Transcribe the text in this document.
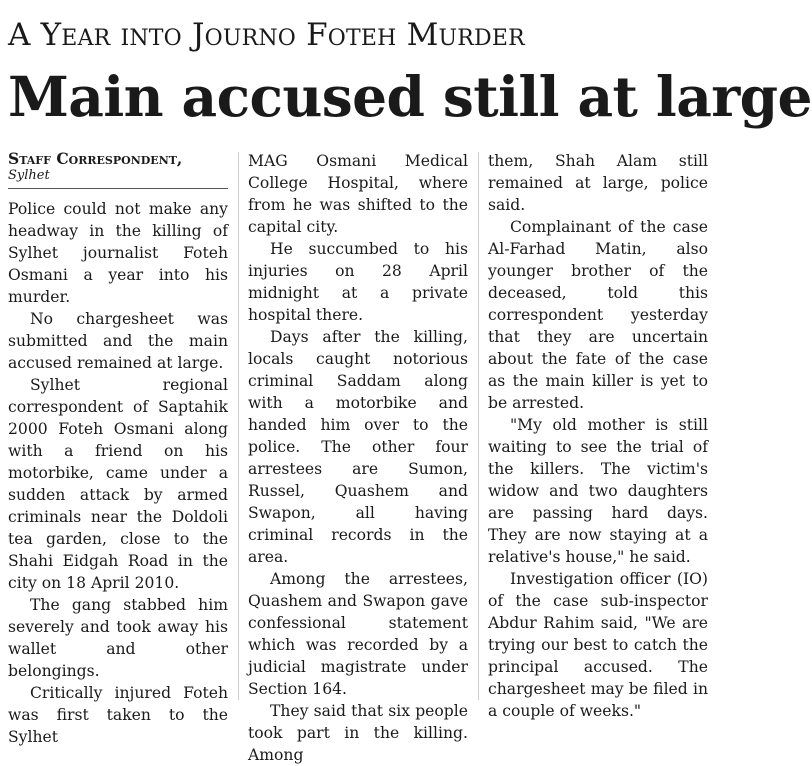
A Year into Journo Foteh Murder
Main accused still at large
Staff Correspondent,
Sylhet

Police could not make any headway in the killing of Sylhet journalist Foteh Osmani a year into his murder.

No chargesheet was submitted and the main accused remained at large.

Sylhet regional correspondent of Saptahik 2000 Foteh Osmani along with a friend on his motorbike, came under a sudden attack by armed criminals near the Doldoli tea garden, close to the Shahi Eidgah Road in the city on 18 April 2010.

The gang stabbed him severely and took away his wallet and other belongings.

Critically injured Foteh was first taken to the Sylhet

MAG Osmani Medical College Hospital, where from he was shifted to the capital city.

He succumbed to his injuries on 28 April midnight at a private hospital there.

Days after the killing, locals caught notorious criminal Saddam along with a motorbike and handed him over to the police. The other four arrestees are Sumon, Russel, Quashem and Swapon, all having criminal records in the area.

Among the arrestees, Quashem and Swapon gave confessional statement which was recorded by a judicial magistrate under Section 164.

They said that six people took part in the killing. Among

them, Shah Alam still remained at large, police said.

Complainant of the case Al-Farhad Matin, also younger brother of the deceased, told this correspondent yesterday that they are uncertain about the fate of the case as the main killer is yet to be arrested.

"My old mother is still waiting to see the trial of the killers. The victim's widow and two daughters are passing hard days. They are now staying at a relative's house," he said.

Investigation officer (IO) of the case sub-inspector Abdur Rahim said, "We are trying our best to catch the principal accused. The chargesheet may be filed in a couple of weeks."
